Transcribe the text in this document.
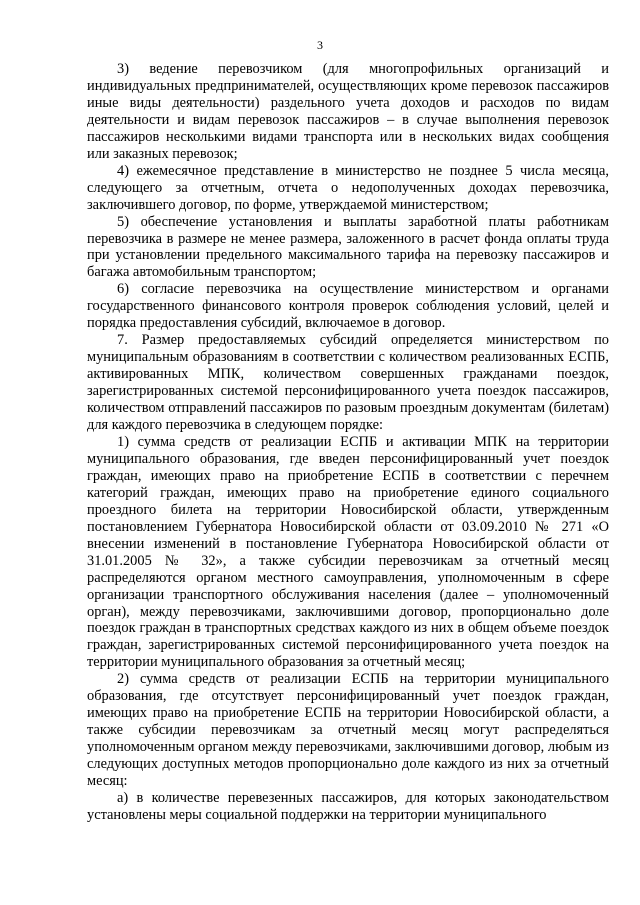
3

3) ведение перевозчиком (для многопрофильных организаций и индивидуальных предпринимателей, осуществляющих кроме перевозок пассажиров иные виды деятельности) раздельного учета доходов и расходов по видам деятельности и видам перевозок пассажиров – в случае выполнения перевозок пассажиров несколькими видами транспорта или в нескольких видах сообщения или заказных перевозок;

4) ежемесячное представление в министерство не позднее 5 числа месяца, следующего за отчетным, отчета о недополученных доходах перевозчика, заключившего договор, по форме, утверждаемой министерством;

5) обеспечение установления и выплаты заработной платы работникам перевозчика в размере не менее размера, заложенного в расчет фонда оплаты труда при установлении предельного максимального тарифа на перевозку пассажиров и багажа автомобильным транспортом;

6) согласие перевозчика на осуществление министерством и органами государственного финансового контроля проверок соблюдения условий, целей и порядка предоставления субсидий, включаемое в договор.

7. Размер предоставляемых субсидий определяется министерством по муниципальным образованиям в соответствии с количеством реализованных ЕСПБ, активированных МПК, количеством совершенных гражданами поездок, зарегистрированных системой персонифицированного учета поездок пассажиров, количеством отправлений пассажиров по разовым проездным документам (билетам) для каждого перевозчика в следующем порядке:

1) сумма средств от реализации ЕСПБ и активации МПК на территории муниципального образования, где введен персонифицированный учет поездок граждан, имеющих право на приобретение ЕСПБ в соответствии с перечнем категорий граждан, имеющих право на приобретение единого социального проездного билета на территории Новосибирской области, утвержденным постановлением Губернатора Новосибирской области от 03.09.2010 № 271 «О внесении изменений в постановление Губернатора Новосибирской области от 31.01.2005 № 32», а также субсидии перевозчикам за отчетный месяц распределяются органом местного самоуправления, уполномоченным в сфере организации транспортного обслуживания населения (далее – уполномоченный орган), между перевозчиками, заключившими договор, пропорционально доле поездок граждан в транспортных средствах каждого из них в общем объеме поездок граждан, зарегистрированных системой персонифицированного учета поездок на территории муниципального образования за отчетный месяц;

2) сумма средств от реализации ЕСПБ на территории муниципального образования, где отсутствует персонифицированный учет поездок граждан, имеющих право на приобретение ЕСПБ на территории Новосибирской области, а также субсидии перевозчикам за отчетный месяц могут распределяться уполномоченным органом между перевозчиками, заключившими договор, любым из следующих доступных методов пропорционально доле каждого из них за отчетный месяц:

а) в количестве перевезенных пассажиров, для которых законодательством установлены меры социальной поддержки на территории муниципального
